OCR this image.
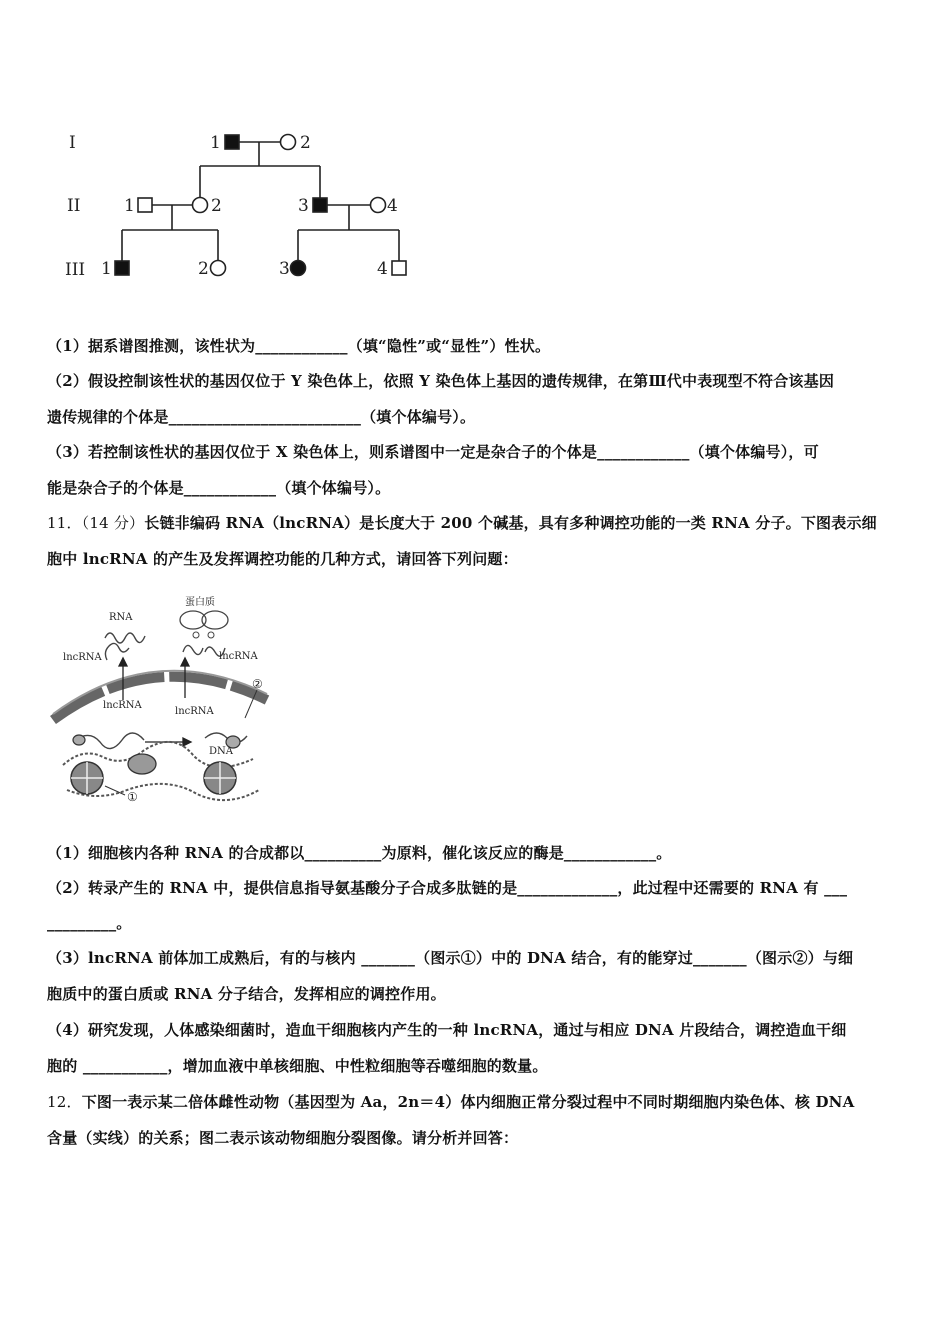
I
II
III
1	2
1	2	3	4
1	2	3	4
（1）据系谱图推测，该性状为____________（填“隐性”或“显性”）性状。
（2）假设控制该性状的基因仅位于 Y 染色体上，依照 Y 染色体上基因的遗传规律，在第Ⅲ代中表现型不符合该基因
遗传规律的个体是_________________________（填个体编号）。
（3）若控制该性状的基因仅位于 X 染色体上，则系谱图中一定是杂合子的个体是____________（填个体编号），可
能是杂合子的个体是____________（填个体编号）。
11．（14 分）长链非编码 RNA（lncRNA）是长度大于 200 个碱基，具有多种调控功能的一类 RNA 分子。下图表示细
胞中 lncRNA 的产生及发挥调控功能的几种方式，请回答下列问题：
RNA
蛋白质
lncRNA	lncRNA
lncRNA
lncRNA
DNA
①
②
（1）细胞核内各种 RNA 的合成都以__________为原料，催化该反应的酶是____________。
（2）转录产生的 RNA 中，提供信息指导氨基酸分子合成多肽链的是_____________，此过程中还需要的 RNA 有 ___
_________。
（3）lncRNA 前体加工成熟后，有的与核内 _______（图示①）中的 DNA 结合，有的能穿过_______（图示②）与细
胞质中的蛋白质或 RNA 分子结合，发挥相应的调控作用。
（4）研究发现，人体感染细菌时，造血干细胞核内产生的一种 lncRNA，通过与相应 DNA 片段结合，调控造血干细
胞的 ___________，增加血液中单核细胞、中性粒细胞等吞噬细胞的数量。
12．下图一表示某二倍体雌性动物（基因型为 Aa，2n＝4）体内细胞正常分裂过程中不同时期细胞内染色体、核 DNA
含量（实线）的关系；图二表示该动物细胞分裂图像。请分析并回答：
